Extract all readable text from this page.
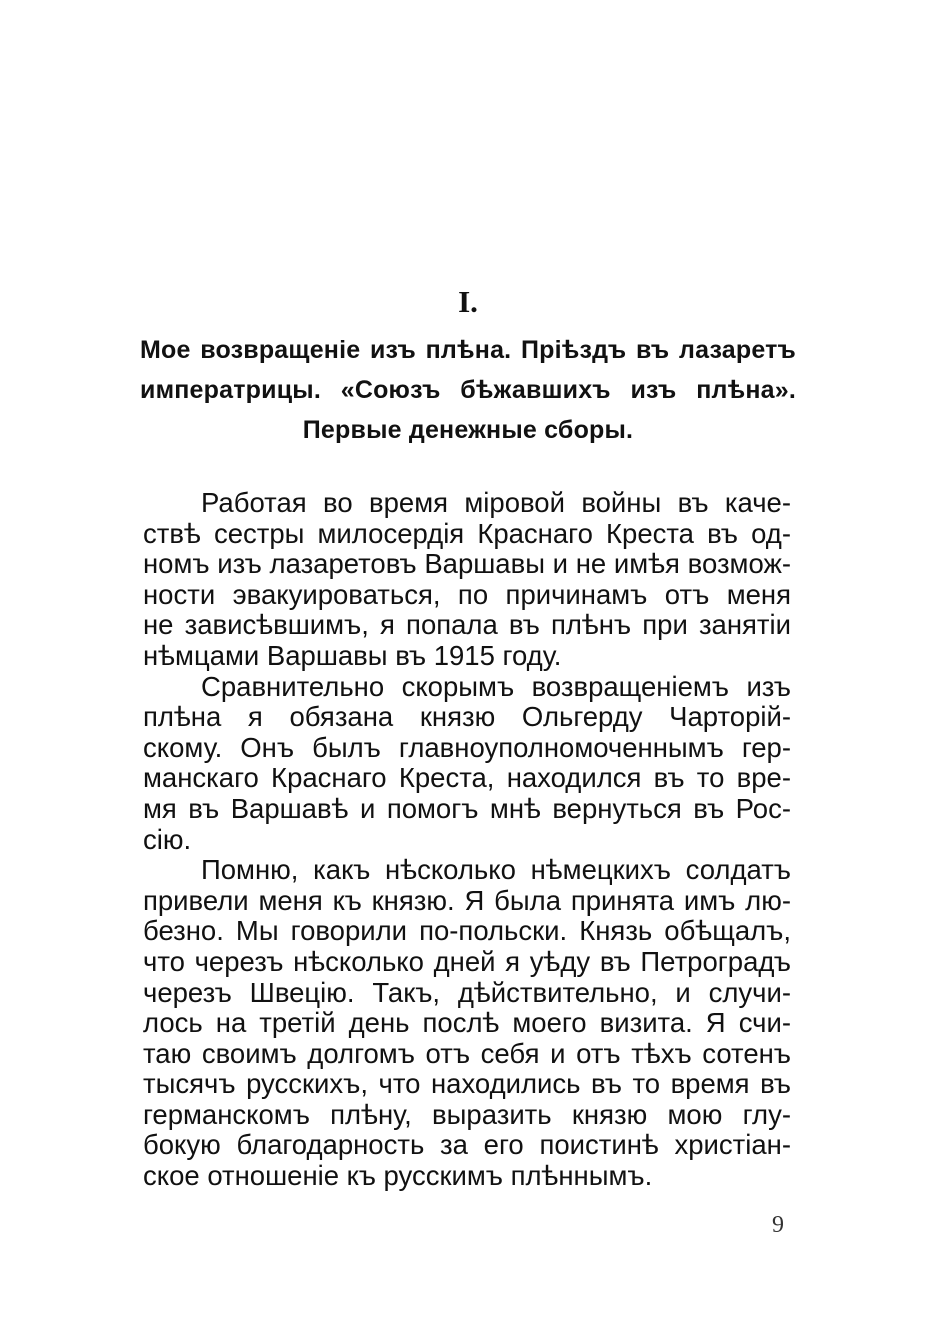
I.
Мое возвращеніе изъ плѣна. Пріѣздъ въ лазаретъ
императрицы. «Союзъ бѣжавшихъ изъ плѣна».
Первые денежные сборы.

Работая во время міровой войны въ каче-
ствѣ сестры милосердія Краснаго Креста въ од-
номъ изъ лазаретовъ Варшавы и не имѣя возмож-
ности эвакуироваться, по причинамъ отъ меня
не зависѣвшимъ, я попала въ плѣнъ при занятіи
нѣмцами Варшавы въ 1915 году.

Сравнительно скорымъ возвращеніемъ изъ
плѣна я обязана князю Ольгерду Чарторій-
скому. Онъ былъ главноуполномоченнымъ гер-
манскаго Краснаго Креста, находился въ то вре-
мя въ Варшавѣ и помогъ мнѣ вернуться въ Рос-
сію.

Помню, какъ нѣсколько нѣмецкихъ солдатъ
привели меня къ князю. Я была принята имъ лю-
безно. Мы говорили по-польски. Князь обѣщалъ,
что черезъ нѣсколько дней я уѣду въ Петроградъ
черезъ Швецію. Такъ, дѣйствительно, и случи-
лось на третій день послѣ моего визита. Я счи-
таю своимъ долгомъ отъ себя и отъ тѣхъ сотенъ
тысячъ русскихъ, что находились въ то время въ
германскомъ плѣну, выразить князю мою глу-
бокую благодарность за его поистинѣ христіан-
ское отношеніе къ русскимъ плѣннымъ.

9
